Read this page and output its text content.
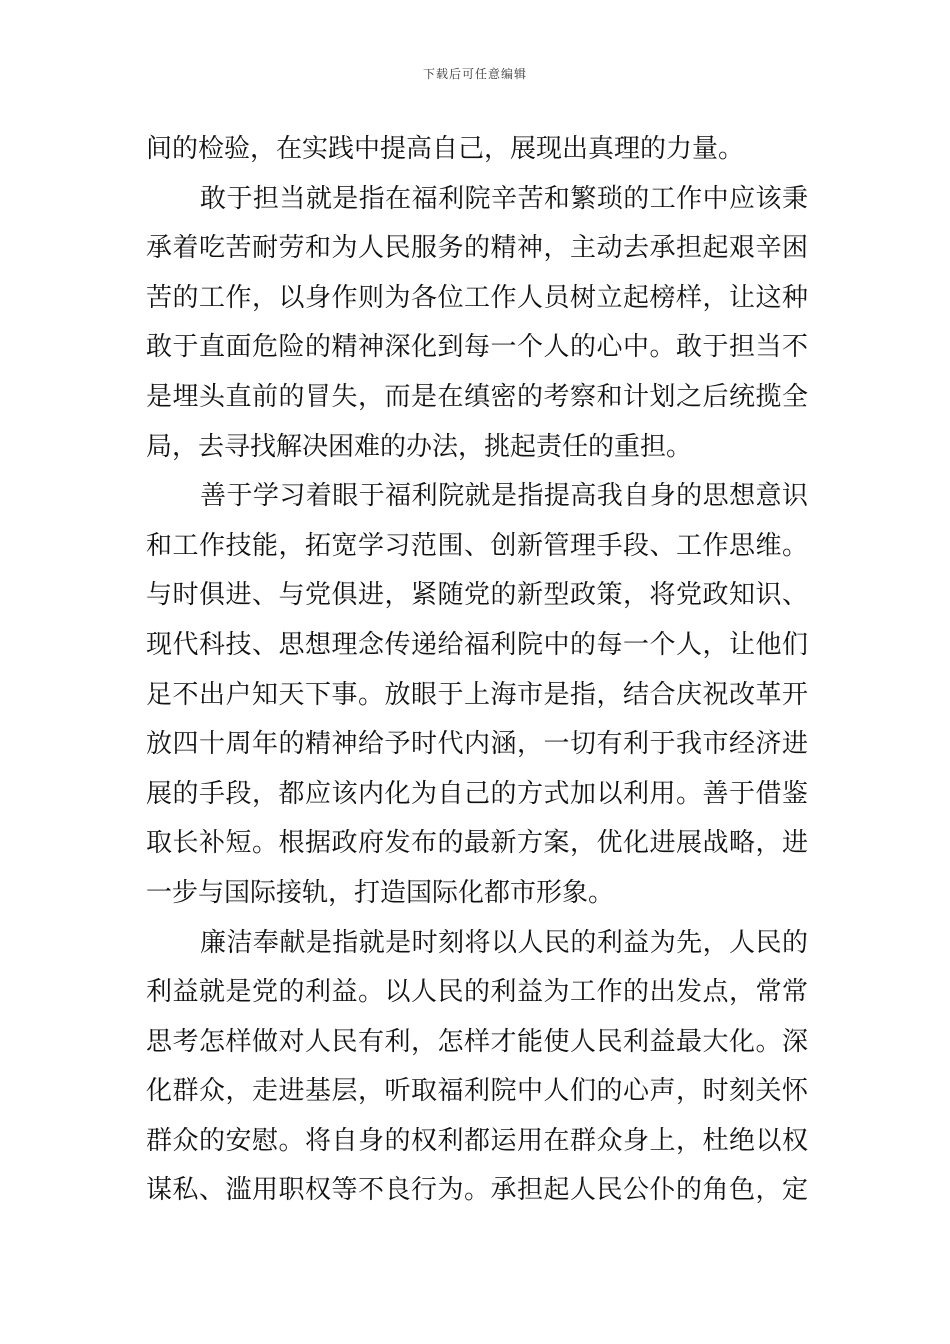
下载后可任意编辑
间的检验，在实践中提高自己，展现出真理的力量。
敢于担当就是指在福利院辛苦和繁琐的工作中应该秉
承着吃苦耐劳和为人民服务的精神，主动去承担起艰辛困
苦的工作，以身作则为各位工作人员树立起榜样，让这种
敢于直面危险的精神深化到每一个人的心中。敢于担当不
是埋头直前的冒失，而是在缜密的考察和计划之后统揽全
局，去寻找解决困难的办法，挑起责任的重担。
善于学习着眼于福利院就是指提高我自身的思想意识
和工作技能，拓宽学习范围、创新管理手段、工作思维。
与时俱进、与党俱进，紧随党的新型政策，将党政知识、
现代科技、思想理念传递给福利院中的每一个人，让他们
足不出户知天下事。放眼于上海市是指，结合庆祝改革开
放四十周年的精神给予时代内涵，一切有利于我市经济进
展的手段，都应该内化为自己的方式加以利用。善于借鉴
取长补短。根据政府发布的最新方案，优化进展战略，进
一步与国际接轨，打造国际化都市形象。
廉洁奉献是指就是时刻将以人民的利益为先，人民的
利益就是党的利益。以人民的利益为工作的出发点，常常
思考怎样做对人民有利，怎样才能使人民利益最大化。深
化群众，走进基层，听取福利院中人们的心声，时刻关怀
群众的安慰。将自身的权利都运用在群众身上，杜绝以权
谋私、滥用职权等不良行为。承担起人民公仆的角色，定
